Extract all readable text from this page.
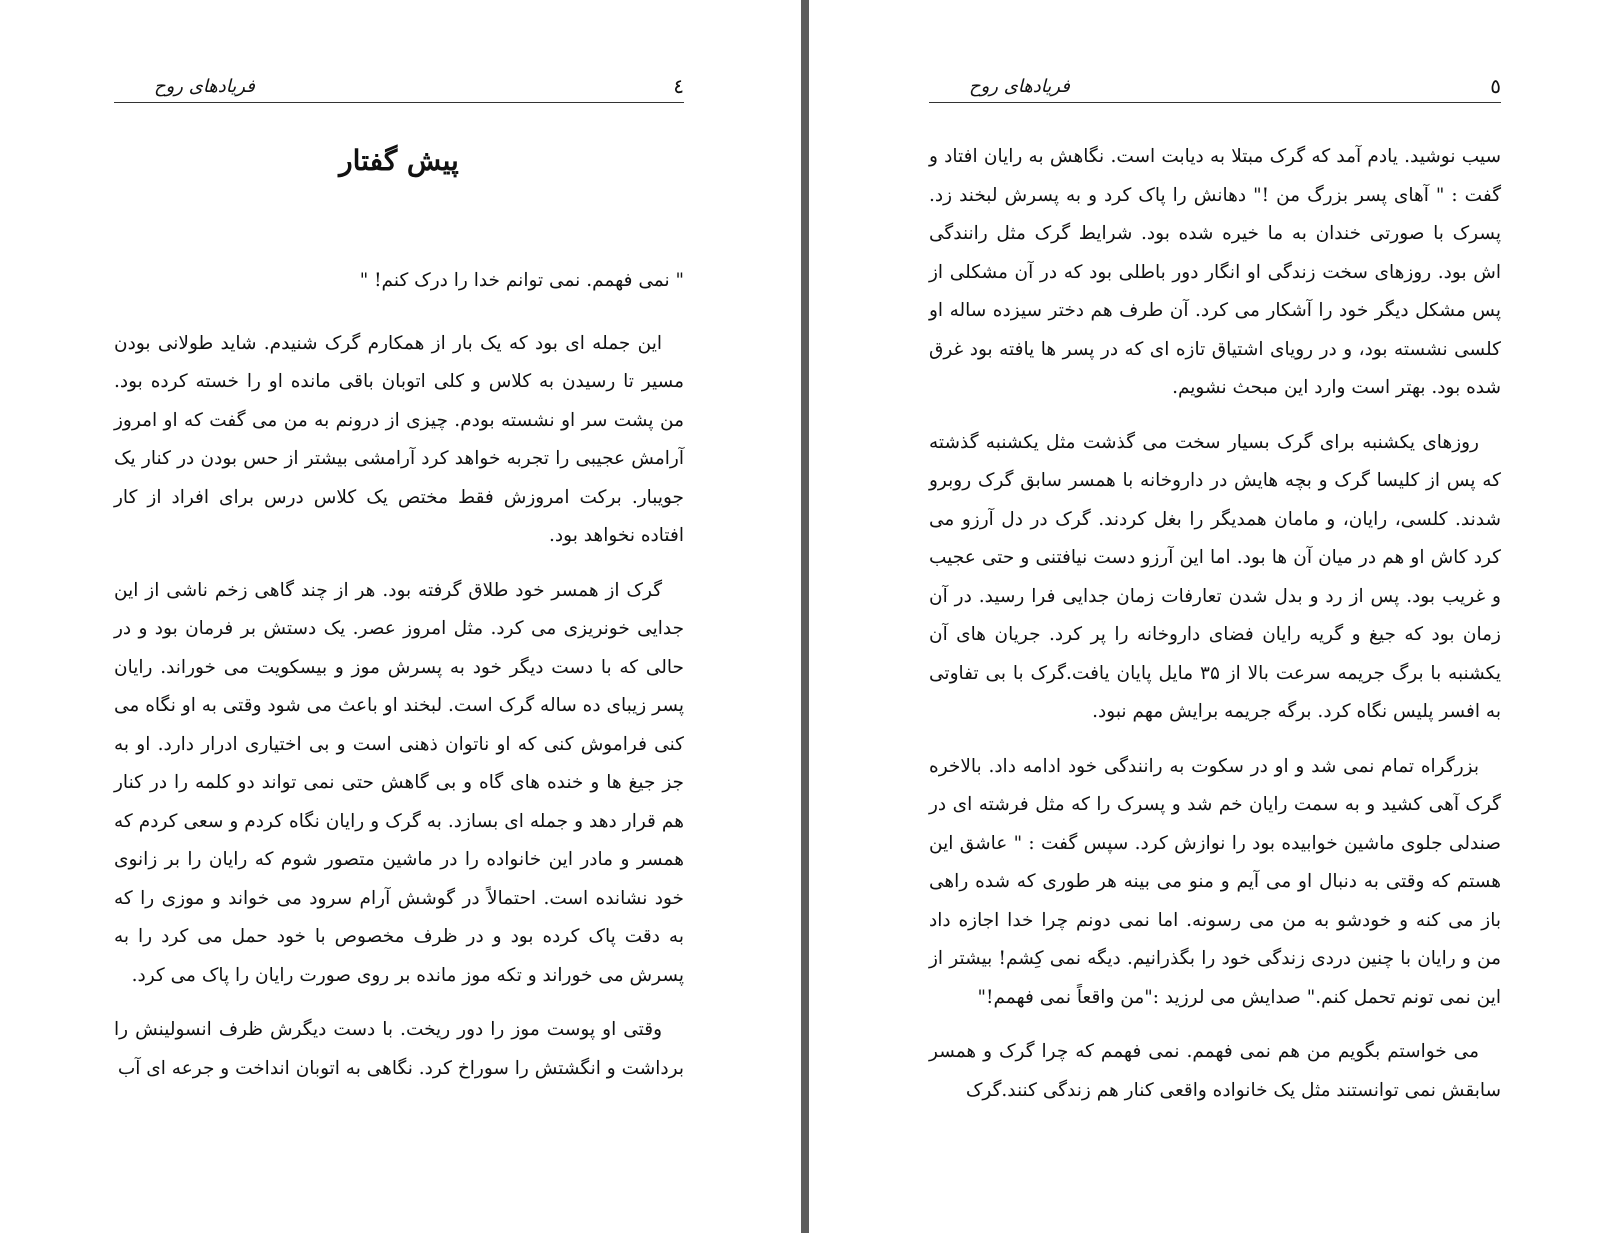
٤
فریادهای روح
پیش گفتار

" نمی فهمم. نمی توانم خدا را درک کنم! "

این جمله ای بود که یک بار از همکارم گرک شنیدم. شاید طولانی بودن مسیر تا رسیدن به کلاس و کلی اتوبان باقی مانده او را خسته کرده بود. من پشت سر او نشسته بودم. چیزی از درونم به من می گفت که او امروز آرامش عجیبی را تجربه خواهد کرد آرامشی بیشتر از حس بودن در کنار یک جویبار. برکت امروزش فقط مختص یک کلاس درس برای افراد از کار افتاده نخواهد بود.

گرک از همسر خود طلاق گرفته بود. هر از چند گاهی زخم ناشی از این جدایی خونریزی می کرد. مثل امروز عصر. یک دستش بر فرمان بود و در حالی که با دست دیگر خود به پسرش موز و بیسکویت می خوراند. رایان پسر زیبای ده ساله گرک است. لبخند او باعث می شود وقتی به او نگاه می کنی فراموش کنی که او ناتوان ذهنی است و بی اختیاری ادرار دارد. او به جز جیغ ها و خنده های گاه و بی گاهش حتی نمی تواند دو کلمه را در کنار هم قرار دهد و جمله ای بسازد. به گرک و رایان نگاه کردم و سعی کردم که همسر و مادر این خانواده را در ماشین متصور شوم که رایان را بر زانوی خود نشانده است. احتمالاً در گوشش آرام سرود می خواند و موزی را که به دقت پاک کرده بود و در ظرف مخصوص با خود حمل می کرد را به پسرش می خوراند و تکه موز مانده بر روی صورت رایان را پاک می کرد.

وقتی او پوست موز را دور ریخت. با دست دیگرش ظرف انسولینش را برداشت و انگشتش را سوراخ کرد. نگاهی به اتوبان انداخت و جرعه ای آب

٥
فریادهای روح

سیب نوشید. یادم آمد که گرک مبتلا به دیابت است. نگاهش به رایان افتاد و گفت : " آهای پسر بزرگ من !" دهانش را پاک کرد و به پسرش لبخند زد. پسرک با صورتی خندان به ما خیره شده بود. شرایط گرک مثل رانندگی اش بود. روزهای سخت زندگی او انگار دور باطلی بود که در آن مشکلی از پس مشکل دیگر خود را آشکار می کرد. آن طرف هم دختر سیزده ساله او کلسی نشسته بود، و در رویای اشتیاق تازه ای که در پسر ها یافته بود غرق شده بود. بهتر است وارد این مبحث نشویم.

روزهای یکشنبه برای گرک بسیار سخت می گذشت مثل یکشنبه گذشته که پس از کلیسا گرک و بچه هایش در داروخانه با همسر سابق گرک روبرو شدند. کلسی، رایان، و مامان همدیگر را بغل کردند. گرک در دل آرزو می کرد کاش او هم در میان آن ها بود. اما این آرزو دست نیافتنی و حتی عجیب و غریب بود. پس از رد و بدل شدن تعارفات زمان جدایی فرا رسید. در آن زمان بود که جیغ و گریه رایان فضای داروخانه را پر کرد. جریان های آن یکشنبه با برگ جریمه سرعت بالا از ۳۵ مایل پایان یافت.گرک با بی تفاوتی به افسر پلیس نگاه کرد. برگه جریمه برایش مهم نبود.

بزرگراه تمام نمی شد و او در سکوت به رانندگی خود ادامه داد. بالاخره گرک آهی کشید و به سمت رایان خم شد و پسرک را که مثل فرشته ای در صندلی جلوی ماشین خوابیده بود را نوازش کرد. سپس گفت : " عاشق این هستم که وقتی به دنبال او می آیم و منو می بینه هر طوری که شده راهی باز می کنه و خودشو به من می رسونه. اما نمی دونم چرا خدا اجازه داد من و رایان با چنین دردی زندگی خود را بگذرانیم. دیگه نمی کِشم! بیشتر از این نمی تونم تحمل کنم." صدایش می لرزید :"من واقعاً نمی فهمم!"

می خواستم بگویم من هم نمی فهمم. نمی فهمم که چرا گرک و همسر سابقش نمی توانستند مثل یک خانواده واقعی کنار هم زندگی کنند.گرک
